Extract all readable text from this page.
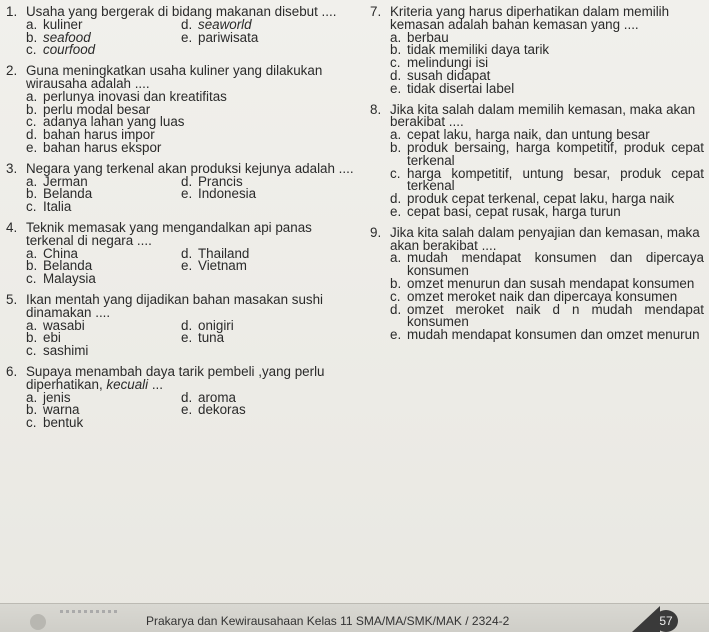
1. Usaha yang bergerak di bidang makanan disebut ....
a. kuliner	d. seaworld
b. seafood	e. pariwisata
c. courfood
2. Guna meningkatkan usaha kuliner yang dilakukan wirausaha adalah ....
a. perlunya inovasi dan kreatifitas
b. perlu modal besar
c. adanya lahan yang luas
d. bahan harus impor
e. bahan harus ekspor
3. Negara yang terkenal akan produksi kejunya adalah ....
a. Jerman	d. Prancis
b. Belanda	e. Indonesia
c. Italia
4. Teknik memasak yang mengandalkan api panas terkenal di negara ....
a. China	d. Thailand
b. Belanda	e. Vietnam
c. Malaysia
5. Ikan mentah yang dijadikan bahan masakan sushi dinamakan ....
a. wasabi	d. onigiri
b. ebi	e. tuna
c. sashimi
6. Supaya menambah daya tarik pembeli ,yang perlu diperhatikan, kecuali ...
a. jenis	d. aroma
b. warna	e. dekoras
c. bentuk
7. Kriteria yang harus diperhatikan dalam memilih kemasan adalah bahan kemasan yang ....
a. berbau
b. tidak memiliki daya tarik
c. melindungi isi
d. susah didapat
e. tidak disertai label
8. Jika kita salah dalam memilih kemasan, maka akan berakibat ....
a. cepat laku, harga naik, dan untung besar
b. produk bersaing, harga kompetitif, produk cepat terkenal
c. harga kompetitif, untung besar, produk cepat terkenal
d. produk cepat terkenal, cepat laku, harga naik
e. cepat basi, cepat rusak, harga turun
9. Jika kita salah dalam penyajian dan kemasan, maka akan berakibat ....
a. mudah mendapat konsumen dan dipercaya konsumen
b. omzet menurun dan susah mendapat konsumen
c. omzet meroket naik dan dipercaya konsumen
d. omzet meroket naik d n mudah mendapat konsumen
e. mudah mendapat konsumen dan omzet menurun
Prakarya dan Kewirausahaan Kelas 11 SMA/MA/SMK/MAK / 2324-2	57
